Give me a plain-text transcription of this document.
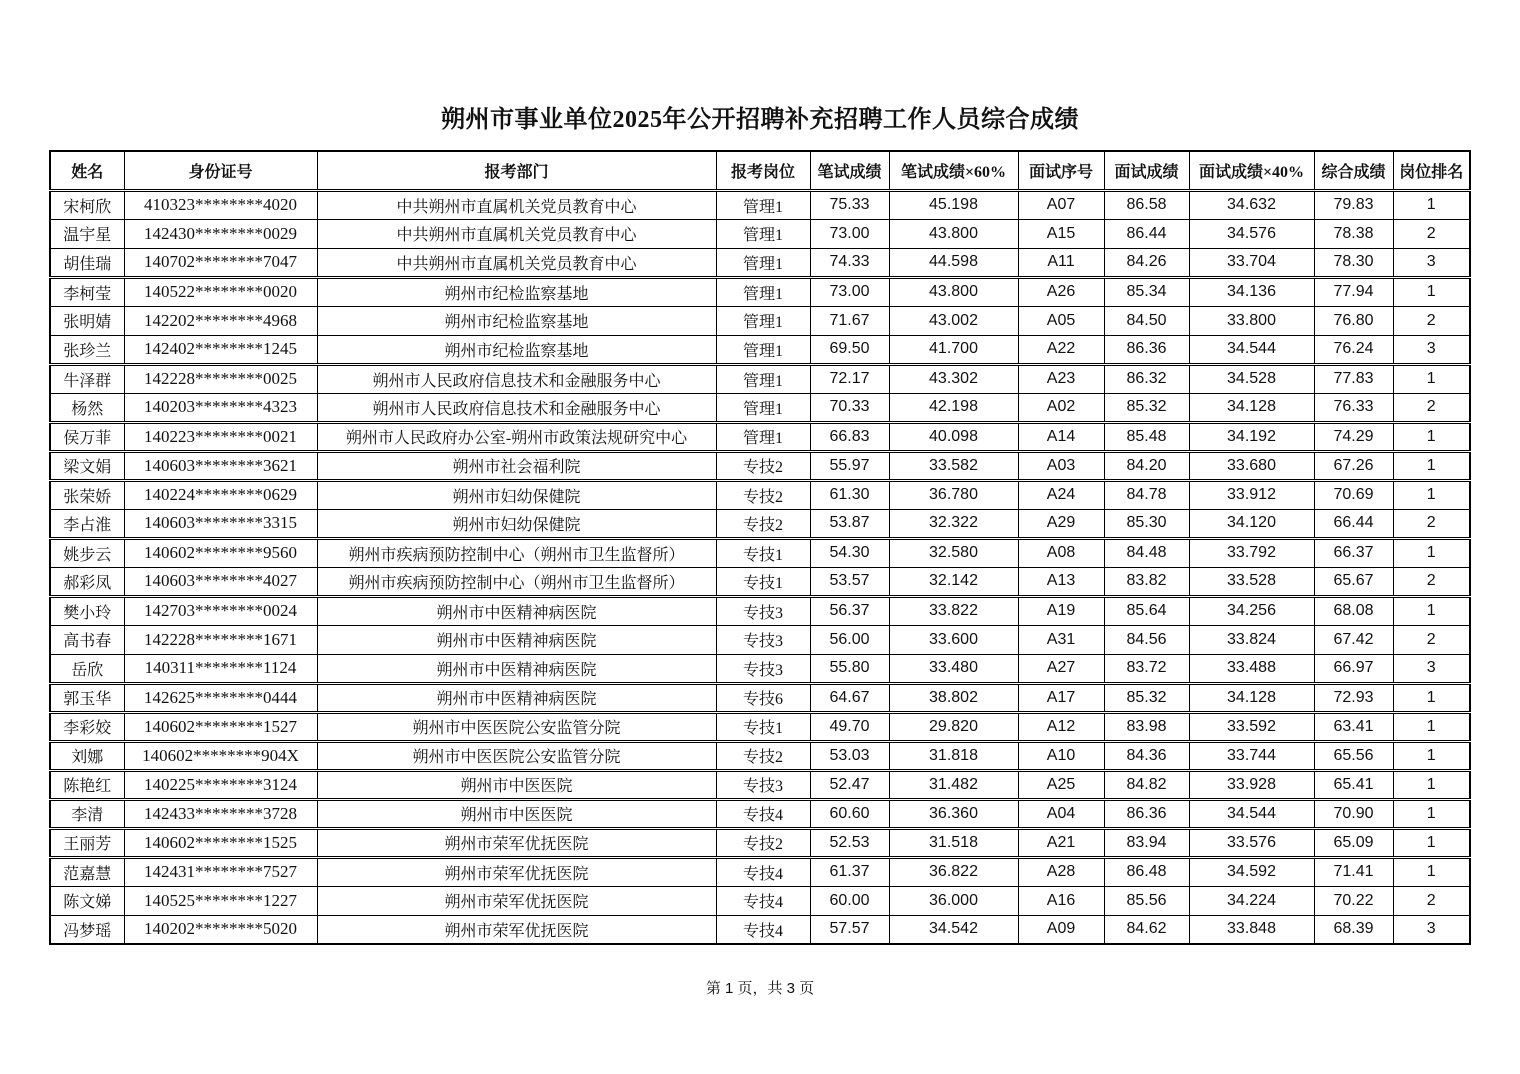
朔州市事业单位2025年公开招聘补充招聘工作人员综合成绩
姓名	身份证号	报考部门	报考岗位	笔试成绩	笔试成绩×60%	面试序号	面试成绩	面试成绩×40%	综合成绩	岗位排名
宋柯欣	410323********4020	中共朔州市直属机关党员教育中心	管理1	75.33	45.198	A07	86.58	34.632	79.83	1
温宇星	142430********0029	中共朔州市直属机关党员教育中心	管理1	73.00	43.800	A15	86.44	34.576	78.38	2
胡佳瑞	140702********7047	中共朔州市直属机关党员教育中心	管理1	74.33	44.598	A11	84.26	33.704	78.30	3
李柯莹	140522********0020	朔州市纪检监察基地	管理1	73.00	43.800	A26	85.34	34.136	77.94	1
张明婧	142202********4968	朔州市纪检监察基地	管理1	71.67	43.002	A05	84.50	33.800	76.80	2
张珍兰	142402********1245	朔州市纪检监察基地	管理1	69.50	41.700	A22	86.36	34.544	76.24	3
牛泽群	142228********0025	朔州市人民政府信息技术和金融服务中心	管理1	72.17	43.302	A23	86.32	34.528	77.83	1
杨然	140203********4323	朔州市人民政府信息技术和金融服务中心	管理1	70.33	42.198	A02	85.32	34.128	76.33	2
侯万菲	140223********0021	朔州市人民政府办公室-朔州市政策法规研究中心	管理1	66.83	40.098	A14	85.48	34.192	74.29	1
梁文娟	140603********3621	朔州市社会福利院	专技2	55.97	33.582	A03	84.20	33.680	67.26	1
张荣娇	140224********0629	朔州市妇幼保健院	专技2	61.30	36.780	A24	84.78	33.912	70.69	1
李占淮	140603********3315	朔州市妇幼保健院	专技2	53.87	32.322	A29	85.30	34.120	66.44	2
姚步云	140602********9560	朔州市疾病预防控制中心（朔州市卫生监督所）	专技1	54.30	32.580	A08	84.48	33.792	66.37	1
郝彩凤	140603********4027	朔州市疾病预防控制中心（朔州市卫生监督所）	专技1	53.57	32.142	A13	83.82	33.528	65.67	2
樊小玲	142703********0024	朔州市中医精神病医院	专技3	56.37	33.822	A19	85.64	34.256	68.08	1
高书春	142228********1671	朔州市中医精神病医院	专技3	56.00	33.600	A31	84.56	33.824	67.42	2
岳欣	140311********1124	朔州市中医精神病医院	专技3	55.80	33.480	A27	83.72	33.488	66.97	3
郭玉华	142625********0444	朔州市中医精神病医院	专技6	64.67	38.802	A17	85.32	34.128	72.93	1
李彩姣	140602********1527	朔州市中医医院公安监管分院	专技1	49.70	29.820	A12	83.98	33.592	63.41	1
刘娜	140602********904X	朔州市中医医院公安监管分院	专技2	53.03	31.818	A10	84.36	33.744	65.56	1
陈艳红	140225********3124	朔州市中医医院	专技3	52.47	31.482	A25	84.82	33.928	65.41	1
李清	142433********3728	朔州市中医医院	专技4	60.60	36.360	A04	86.36	34.544	70.90	1
王丽芳	140602********1525	朔州市荣军优抚医院	专技2	52.53	31.518	A21	83.94	33.576	65.09	1
范嘉慧	142431********7527	朔州市荣军优抚医院	专技4	61.37	36.822	A28	86.48	34.592	71.41	1
陈文娣	140525********1227	朔州市荣军优抚医院	专技4	60.00	36.000	A16	85.56	34.224	70.22	2
冯梦瑶	140202********5020	朔州市荣军优抚医院	专技4	57.57	34.542	A09	84.62	33.848	68.39	3
第 1 页，共 3 页
